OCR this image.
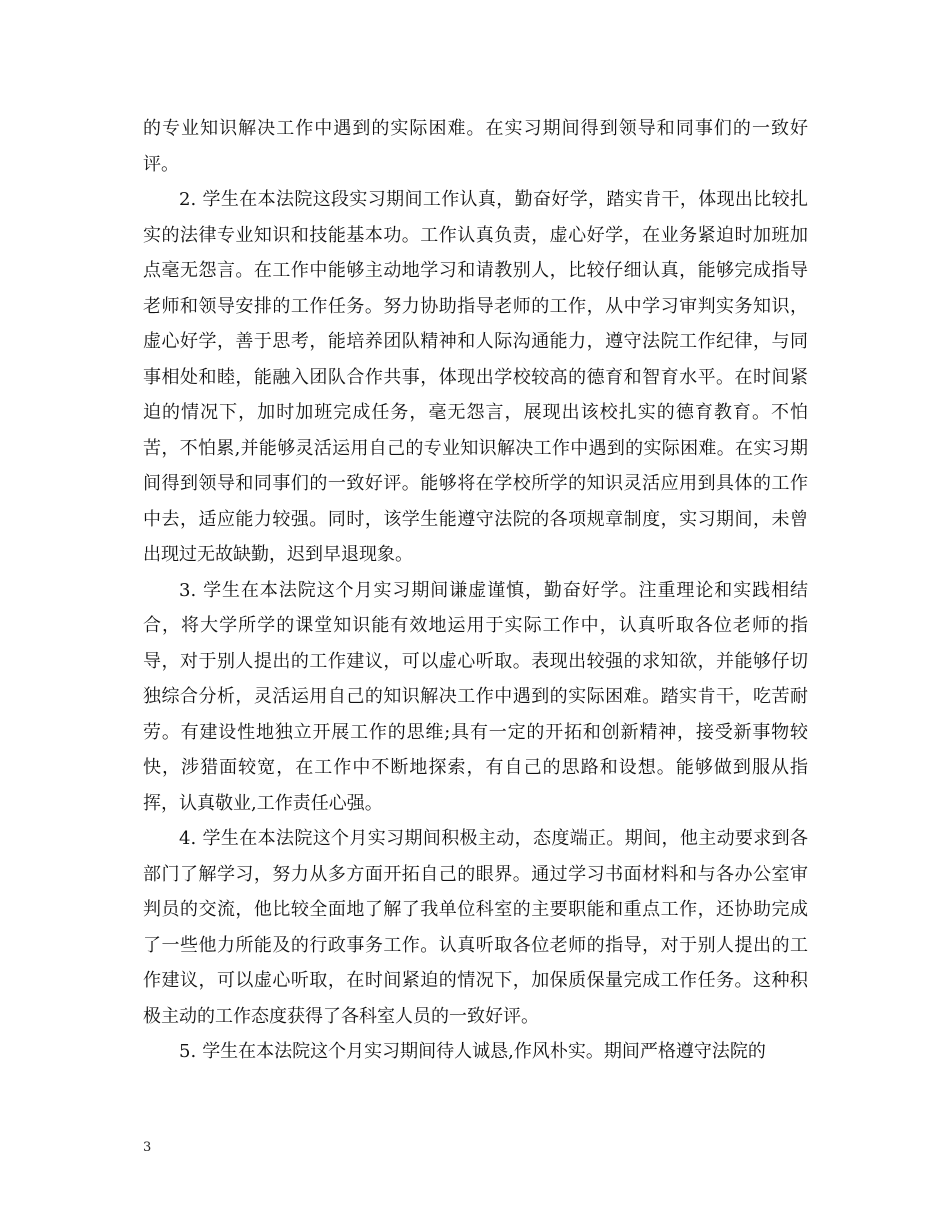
的专业知识解决工作中遇到的实际困难。在实习期间得到领导和同事们的一致好评。

2. 学生在本法院这段实习期间工作认真，勤奋好学，踏实肯干，体现出比较扎实的法律专业知识和技能基本功。工作认真负责，虚心好学，在业务紧迫时加班加点毫无怨言。在工作中能够主动地学习和请教别人，比较仔细认真，能够完成指导老师和领导安排的工作任务。努力协助指导老师的工作，从中学习审判实务知识，虚心好学，善于思考，能培养团队精神和人际沟通能力，遵守法院工作纪律，与同事相处和睦，能融入团队合作共事，体现出学校较高的德育和智育水平。在时间紧迫的情况下，加时加班完成任务，毫无怨言，展现出该校扎实的德育教育。不怕苦，不怕累,并能够灵活运用自己的专业知识解决工作中遇到的实际困难。在实习期间得到领导和同事们的一致好评。能够将在学校所学的知识灵活应用到具体的工作中去，适应能力较强。同时，该学生能遵守法院的各项规章制度，实习期间，未曾出现过无故缺勤，迟到早退现象。

3. 学生在本法院这个月实习期间谦虚谨慎，勤奋好学。注重理论和实践相结合，将大学所学的课堂知识能有效地运用于实际工作中，认真听取各位老师的指导，对于别人提出的工作建议，可以虚心听取。表现出较强的求知欲，并能够仔切独综合分析，灵活运用自己的知识解决工作中遇到的实际困难。踏实肯干，吃苦耐劳。有建设性地独立开展工作的思维;具有一定的开拓和创新精神，接受新事物较快，涉猎面较宽，在工作中不断地探索，有自己的思路和设想。能够做到服从指挥，认真敬业,工作责任心强。

4. 学生在本法院这个月实习期间积极主动，态度端正。期间，他主动要求到各部门了解学习，努力从多方面开拓自己的眼界。通过学习书面材料和与各办公室审判员的交流，他比较全面地了解了我单位科室的主要职能和重点工作，还协助完成了一些他力所能及的行政事务工作。认真听取各位老师的指导，对于别人提出的工作建议，可以虚心听取，在时间紧迫的情况下，加保质保量完成工作任务。这种积极主动的工作态度获得了各科室人员的一致好评。

5. 学生在本法院这个月实习期间待人诚恳,作风朴实。期间严格遵守法院的

3
